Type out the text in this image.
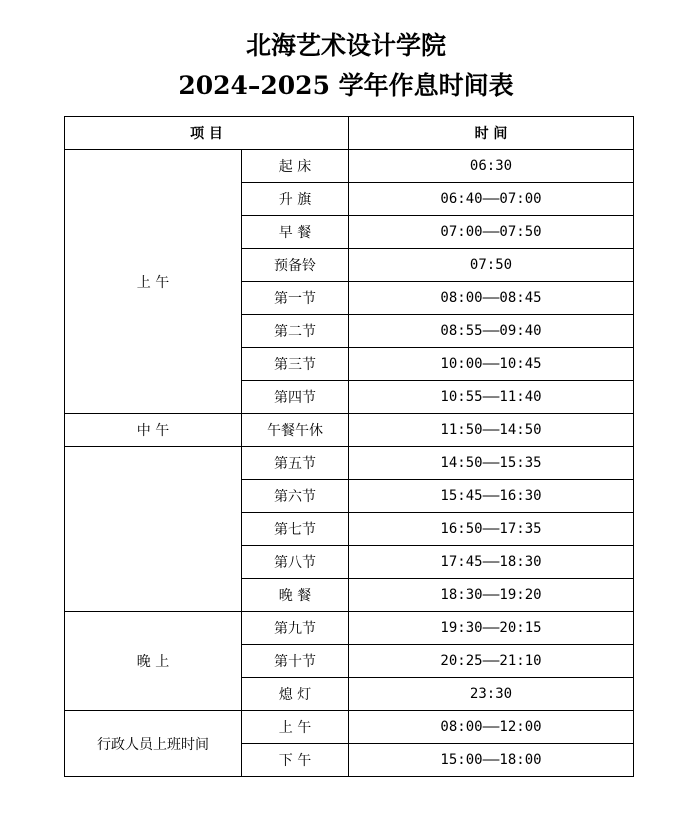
北海艺术设计学院
2024–2025 学年作息时间表
项 目		时 间
上 午	起 床	06:30
	升 旗	06:40——07:00
	早 餐	07:00——07:50
	预备铃	07:50
	第一节	08:00——08:45
	第二节	08:55——09:40
	第三节	10:00——10:45
	第四节	10:55——11:40
中 午	午餐午休	11:50——14:50
	第五节	14:50——15:35
	第六节	15:45——16:30
	第七节	16:50——17:35
	第八节	17:45——18:30
	晚 餐	18:30——19:20
晚 上	第九节	19:30——20:15
	第十节	20:25——21:10
	熄 灯	23:30
行政人员上班时间	上 午	08:00——12:00
	下 午	15:00——18:00
